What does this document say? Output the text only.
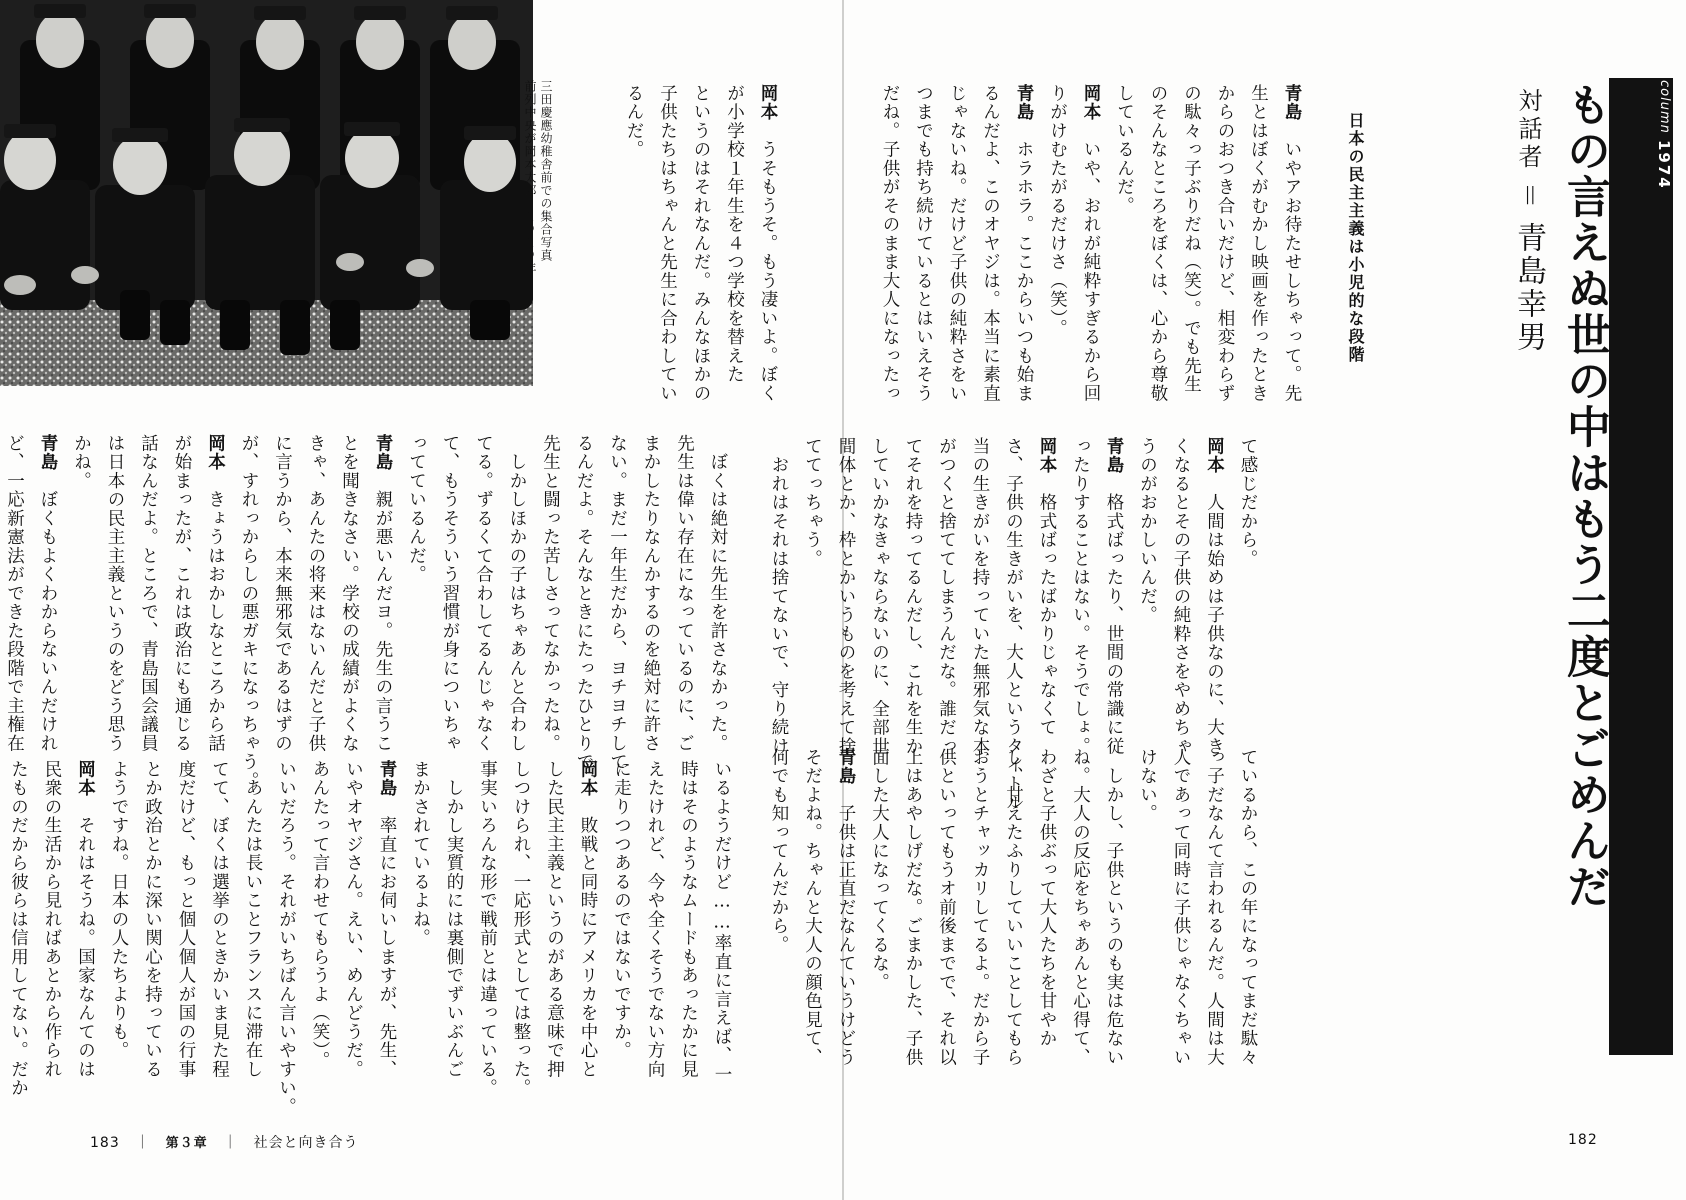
三田慶應幼稚舎前での集合写真
前列中央が岡本太郎　１９１９年	岡本　うそもうそ。もう凄いよ。ぼく
が小学校１年生を４つ学校を替えた
というのはそれなんだ。みんなほかの
子供たちはちゃんと先生に合わしてい
るんだ。
　ぼくは絶対に先生を許さなかった。
先生は偉い存在になっているのに、ご
まかしたりなんかするのを絶対に許さ
ない。まだ一年生だから、ヨチヨチして
るんだよ。そんなときにたったひとりで
先生と闘った苦しさってなかったね。
　しかしほかの子はちゃあんと合わし
てる。ずるくて合わしてるんじゃなく
て、もうそういう習慣が身についちゃ
ってているんだ。
青島　親が悪いんだヨ。先生の言うこ
とを聞きなさい。学校の成績がよくな
きゃ、あんたの将来はないんだと子供
に言うから、本来無邪気であるはずの
が、すれっからしの悪ガキになっちゃう。
岡本　きょうはおかしなところから話
が始まったが、これは政治にも通じる
話なんだよ。ところで、青島国会議員
は日本の民主主義というのをどう思う
かね。
青島　ぼくもよくわからないんだけれ
ど、一応新憲法ができた段階で主権在
いるようだけど……率直に言えば、一
時はそのようなムードもあったかに見
えたけれど、今や全くそうでない方向
に走りつつあるのではないですか。
岡本　敗戦と同時にアメリカを中心と
した民主主義というのがある意味で押
しつけられ、一応形式としては整った。
事実いろんな形で戦前とは違っている。
　しかし実質的には裏側でずいぶんご
まかされているよね。
青島　率直にお伺いしますが、先生、
いやオヤジさん。えい、めんどうだ。
あんたって言わせてもらうよ（笑）。
いいだろう。それがいちばん言いやすい。
　あんたは長いことフランスに滞在し
てて、ぼくは選挙のときかいま見た程
度だけど、もっと個人個人が国の行事
とか政治とかに深い関心を持っている
ようですね。日本の人たちよりも。
岡本　それはそうね。国家なんてのは
民衆の生活から見ればあとから作られ
たものだから彼らは信用してない。だか
183 ｜ 第３章 ｜ 社会と向き合う
column 1974
もの言えぬ世の中はもう二度とごめんだ
対話者＝青島幸男
日本の民主主義は小児的な段階
青島　いやアお待たせしちゃって。先
生とはぼくがむかし映画を作ったとき
からのおつき合いだけど、相変わらず
の駄々っ子ぶりだね（笑）。でも先生
のそんなところをぼくは、心から尊敬
しているんだ。
岡本　いや、おれが純粋すぎるから回
りがけむたがるだけさ（笑）。
青島　ホラホラ。ここからいつも始ま
るんだよ、このオヤジは。本当に素直
じゃないね。だけど子供の純粋さをい
つまでも持ち続けているとはいえそう
だね。子供がそのまま大人になったっ
て感じだから。
岡本　人間は始めは子供なのに、大き
くなるとその子供の純粋さをやめちゃ
うのがおかしいんだ。
青島　格式ばったり、世間の常識に従
ったりすることはない。そうでしょ。
岡本　格式ばったばかりじゃなくて
さ、子供の生きがいを、大人というタイトル
当の生きがいを持っていた無邪気な本
がつくと捨ててしまうんだな。誰だっ
てそれを持ってるんだし、これを生か
していかなきゃならないのに、全部世
間体とか、枠とかいうものを考えて捨
ててっちゃう。
　おれはそれは捨てないで、守り続け
ているから、この年になってまだ駄々
っ子だなんて言われるんだ。人間は大
人であって同時に子供じゃなくちゃい
けない。
　しかし、子供というのも実は危ない
ね。大人の反応をちゃあんと心得て、
わざと子供ぶって大人たちを甘やか
し、甘えたふりしていいことしてもら
おうとチャッカリしてるよ。だから子
供といってもうオ前後までで、それ以
上はあやしげだな。ごまかした、子供
面した大人になってくるな。
青島　子供は正直だなんていうけどう
そだよね。ちゃんと大人の顔色見て、
何でも知ってんだから。
182
